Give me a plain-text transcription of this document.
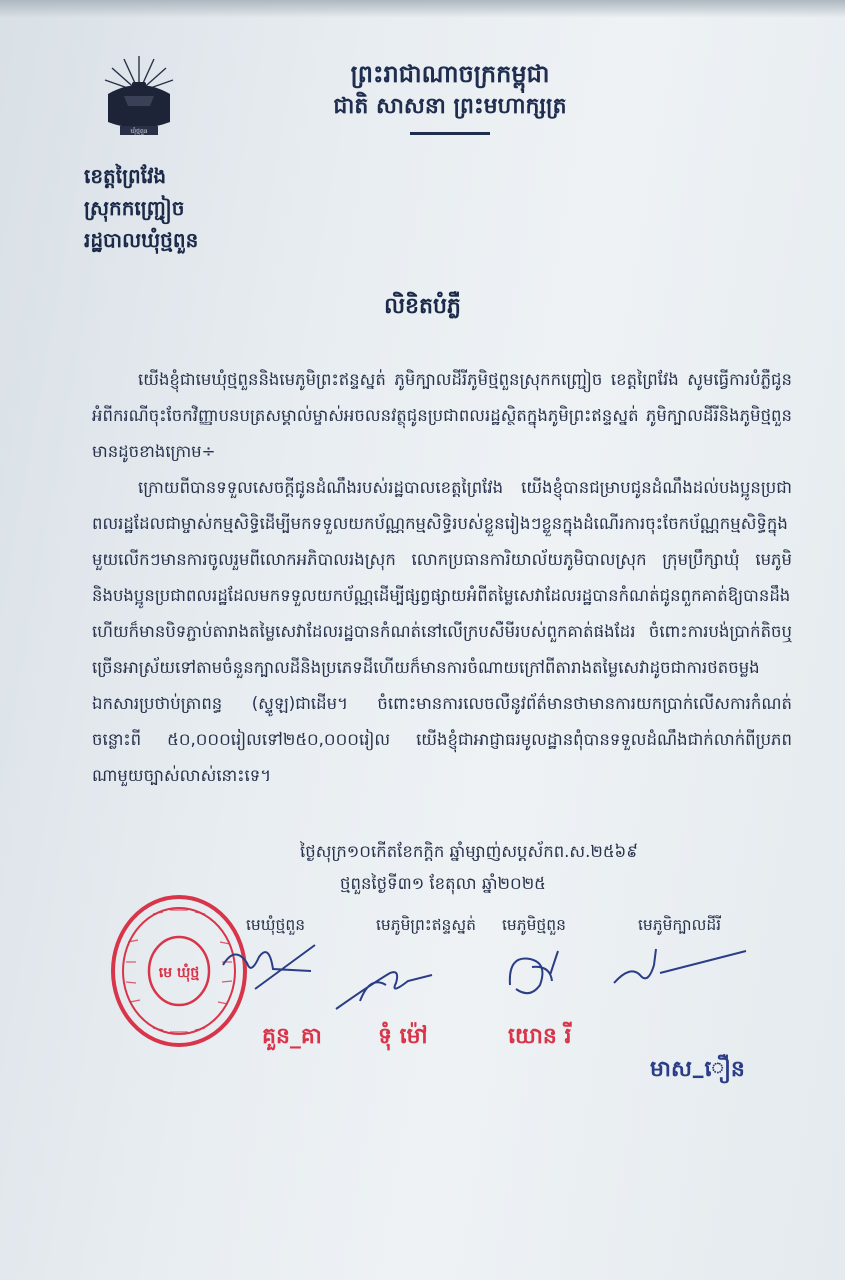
ឃុំថ្មពួន
ព្រះរាជាណាចក្រកម្ពុជា
ជាតិ សាសនា ព្រះមហាក្សត្រ
ខេត្តព្រៃវែង
ស្រុកកញ្ជ្រៀច
រដ្ឋបាលឃុំថ្មពួន
លិខិតបំភ្លឺ

យើងខ្ញុំជាមេឃុំថ្មពួននិងមេភូមិព្រះឥន្ទស្នត់ ភូមិក្បាលដីរីភូមិថ្មពួនស្រុកកញ្ជ្រៀច ខេត្តព្រៃវែង សូមធ្វើការបំភ្លឺជូនអំពីករណីចុះចែកវិញ្ញាបនបត្រសម្គាល់ម្ចាស់អចលនវត្ថុជូនប្រជាពលរដ្ឋស្ថិតក្នុងភូមិព្រះឥន្ទស្នត់ ភូមិក្បាលដីរីនិងភូមិថ្មពួនមានដូចខាងក្រោម÷

ក្រោយពីបានទទួលសេចក្តីជូនដំណឹងរបស់រដ្ឋបាលខេត្តព្រៃវែង យើងខ្ញុំបានជម្រាបជូនដំណឹងដល់បងប្អូនប្រជាពលរដ្ឋដែលជាម្ចាស់កម្មសិទ្ធិដើម្បីមកទទួលយកប័ណ្ណកម្មសិទ្ធិរបស់ខ្លួនរៀងៗខ្លួនក្នុងដំណើរការចុះចែកប័ណ្ណកម្មសិទ្ធិក្នុងមួយលើកៗមានការចូលរួមពីលោកអភិបាលរងស្រុក លោកប្រធានការិយាល័យភូមិបាលស្រុក ក្រុមប្រឹក្សាឃុំ មេភូមិនិងបងប្អូនប្រជាពលរដ្ឋដែលមកទទួលយកប័ណ្ណដើម្បីផ្សព្វផ្សាយអំពីតម្លៃសេវាដែលរដ្ឋបានកំណត់ជូនពួកគាត់ឱ្យបានដឹងហើយក៏មានបិទភ្ជាប់តារាងតម្លៃសេវាដែលរដ្ឋបានកំណត់នៅលើក្របសឺមីរបស់ពួកគាត់ផងដែរ ចំពោះការបង់ប្រាក់តិចឬច្រើនអាស្រ័យទៅតាមចំនួនក្បាលដីនិងប្រភេទដីហើយក៏មានការចំណាយក្រៅពីតារាងតម្លៃសេវាដូចជាការថតចម្លងឯកសារប្រថាប់ត្រាពន្ធ (ស្ទូឡ)ជាដើម។ ចំពោះមានការលេចលឺនូវព័ត៌មានថាមានការយកប្រាក់លើសការកំណត់ចន្លោះពី ៥០,០០០រៀលទៅ២៥០,០០០រៀល យើងខ្ញុំជាអាជ្ញាធរមូលដ្ឋានពុំបានទទួលដំណឹងជាក់លាក់ពីប្រភពណាមួយច្បាស់លាស់នោះទេ។

ថ្ងៃសុក្រ១០កើតខែកក្ដិក ឆ្នាំម្សាញ់សប្តស័កព.ស.២៥៦៩
ថ្មពួនថ្ងៃទី៣១ ខែតុលា ឆ្នាំ២០២៥
មេឃុំថ្មពួន	មេភូមិព្រះឥន្ទស្នត់ មេភូមិថ្មពួន	មេភូមិក្បាលដីរី
មេ ឃុំថ្ម
គួន_គា	ទុំ ម៉ៅ	យោន រី
មាស_ឿន
